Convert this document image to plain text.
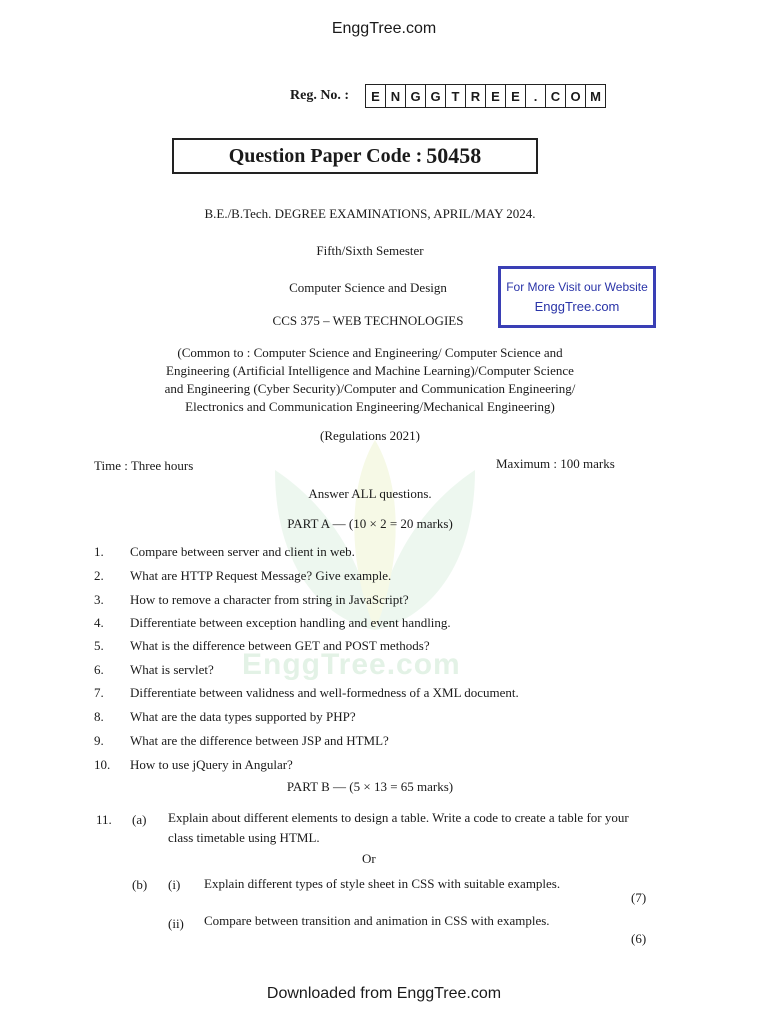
EnggTree.com
EnggTree.com
Reg. No. :	E N G G T R E E	.	C O M
Question Paper Code : 50458
B.E./B.Tech. DEGREE EXAMINATIONS, APRIL/MAY 2024.
Fifth/Sixth Semester
Computer Science and Design
CCS 375 – WEB TECHNOLOGIES
For More Visit our Website
EnggTree.com
(Common to : Computer Science and Engineering/ Computer Science and
Engineering (Artificial Intelligence and Machine Learning)/Computer Science
and Engineering (Cyber Security)/Computer and Communication Engineering/
Electronics and Communication Engineering/Mechanical Engineering)
(Regulations 2021)
Time : Three hours	Maximum : 100 marks
Answer ALL questions.
PART A — (10 × 2 = 20 marks)
1. Compare between server and client in web.
2. What are HTTP Request Message? Give example.
3. How to remove a character from string in JavaScript?
4. Differentiate between exception handling and event handling.
5. What is the difference between GET and POST methods?
6. What is servlet?
7. Differentiate between validness and well-formedness of a XML document.
8. What are the data types supported by PHP?
9. What are the difference between JSP and HTML?
10. How to use jQuery in Angular?
PART B — (5 × 13 = 65 marks)
11. (a) Explain about different elements to design a table. Write a code to create a table for your class timetable using HTML.
Or
(b) (i) Explain different types of style sheet in CSS with suitable examples.
(7)
(ii) Compare between transition and animation in CSS with examples.
(6)
Downloaded from EnggTree.com
